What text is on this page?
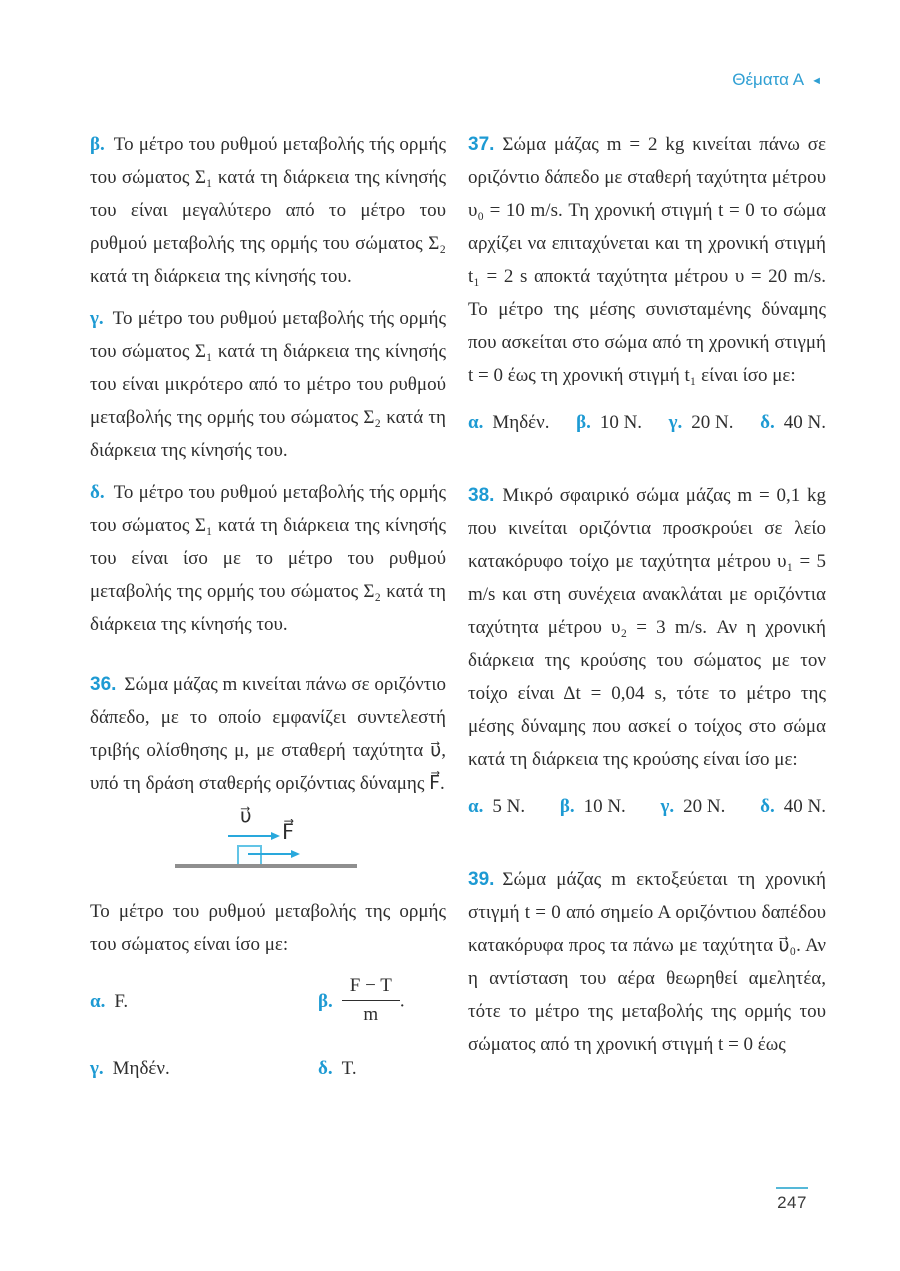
Θέματα Α ◄

β. Το μέτρο του ρυθμού μεταβολής τής ορμής του σώματος Σ₁ κατά τη διάρκεια της κίνησής του είναι μεγαλύτερο από το μέτρο του ρυθμού μεταβολής της ορμής του σώματος Σ₂ κατά τη διάρκεια της κίνησής του.

γ. Το μέτρο του ρυθμού μεταβολής τής ορμής του σώματος Σ₁ κατά τη διάρκεια της κίνησής του είναι μικρότερο από το μέτρο του ρυθμού μεταβολής της ορμής του σώματος Σ₂ κατά τη διάρκεια της κίνησής του.

δ. Το μέτρο του ρυθμού μεταβολής τής ορμής του σώματος Σ₁ κατά τη διάρκεια της κίνησής του είναι ίσο με το μέτρο του ρυθμού μεταβολής της ορμής του σώματος Σ₂ κατά τη διάρκεια της κίνησής του.

36. Σώμα μάζας m κινείται πάνω σε οριζόντιο δάπεδο, με το οποίο εμφανίζει συντελεστή τριβής ολίσθησης μ, με σταθερή ταχύτητα υ⃗, υπό τη δράση σταθερής οριζόντιας δύναμης F⃗.

υ⃗
F⃗

Το μέτρο του ρυθμού μεταβολής της ορμής του σώματος είναι ίσο με:

α. F.	β. $\frac{F - T}{m}$ .
γ. Μηδέν.	δ. T.

37. Σώμα μάζας m = 2 kg κινείται πάνω σε οριζόντιο δάπεδο με σταθερή ταχύτητα μέτρου υ₀ = 10 m/s. Τη χρονική στιγμή t = 0 το σώμα αρχίζει να επιταχύνεται και τη χρονική στιγμή t₁ = 2 s αποκτά ταχύτητα μέτρου υ = 20 m/s. Το μέτρο της μέσης συνισταμένης δύναμης που ασκείται στο σώμα από τη χρονική στιγμή t = 0 έως τη χρονική στιγμή t₁ είναι ίσο με:

α. Μηδέν. β. 10 N. γ. 20 N. δ. 40 N.

38. Μικρό σφαιρικό σώμα μάζας m = 0,1 kg που κινείται οριζόντια προσκρούει σε λείο κατακόρυφο τοίχο με ταχύτητα μέτρου υ₁ = 5 m/s και στη συνέχεια ανακλάται με οριζόντια ταχύτητα μέτρου υ₂ = 3 m/s. Αν η χρονική διάρκεια της κρούσης του σώματος με τον τοίχο είναι Δt = 0,04 s, τότε το μέτρο της μέσης δύναμης που ασκεί ο τοίχος στο σώμα κατά τη διάρκεια της κρούσης είναι ίσο με:

α. 5 N. β. 10 N. γ. 20 N. δ. 40 N.

39. Σώμα μάζας m εκτοξεύεται τη χρονική στιγμή t = 0 από σημείο Α οριζόντιου δαπέδου κατακόρυφα προς τα πάνω με ταχύτητα υ⃗₀. Αν η αντίσταση του αέρα θεωρηθεί αμελητέα, τότε το μέτρο της μεταβολής της ορμής του σώματος από τη χρονική στιγμή t = 0 έως

247
